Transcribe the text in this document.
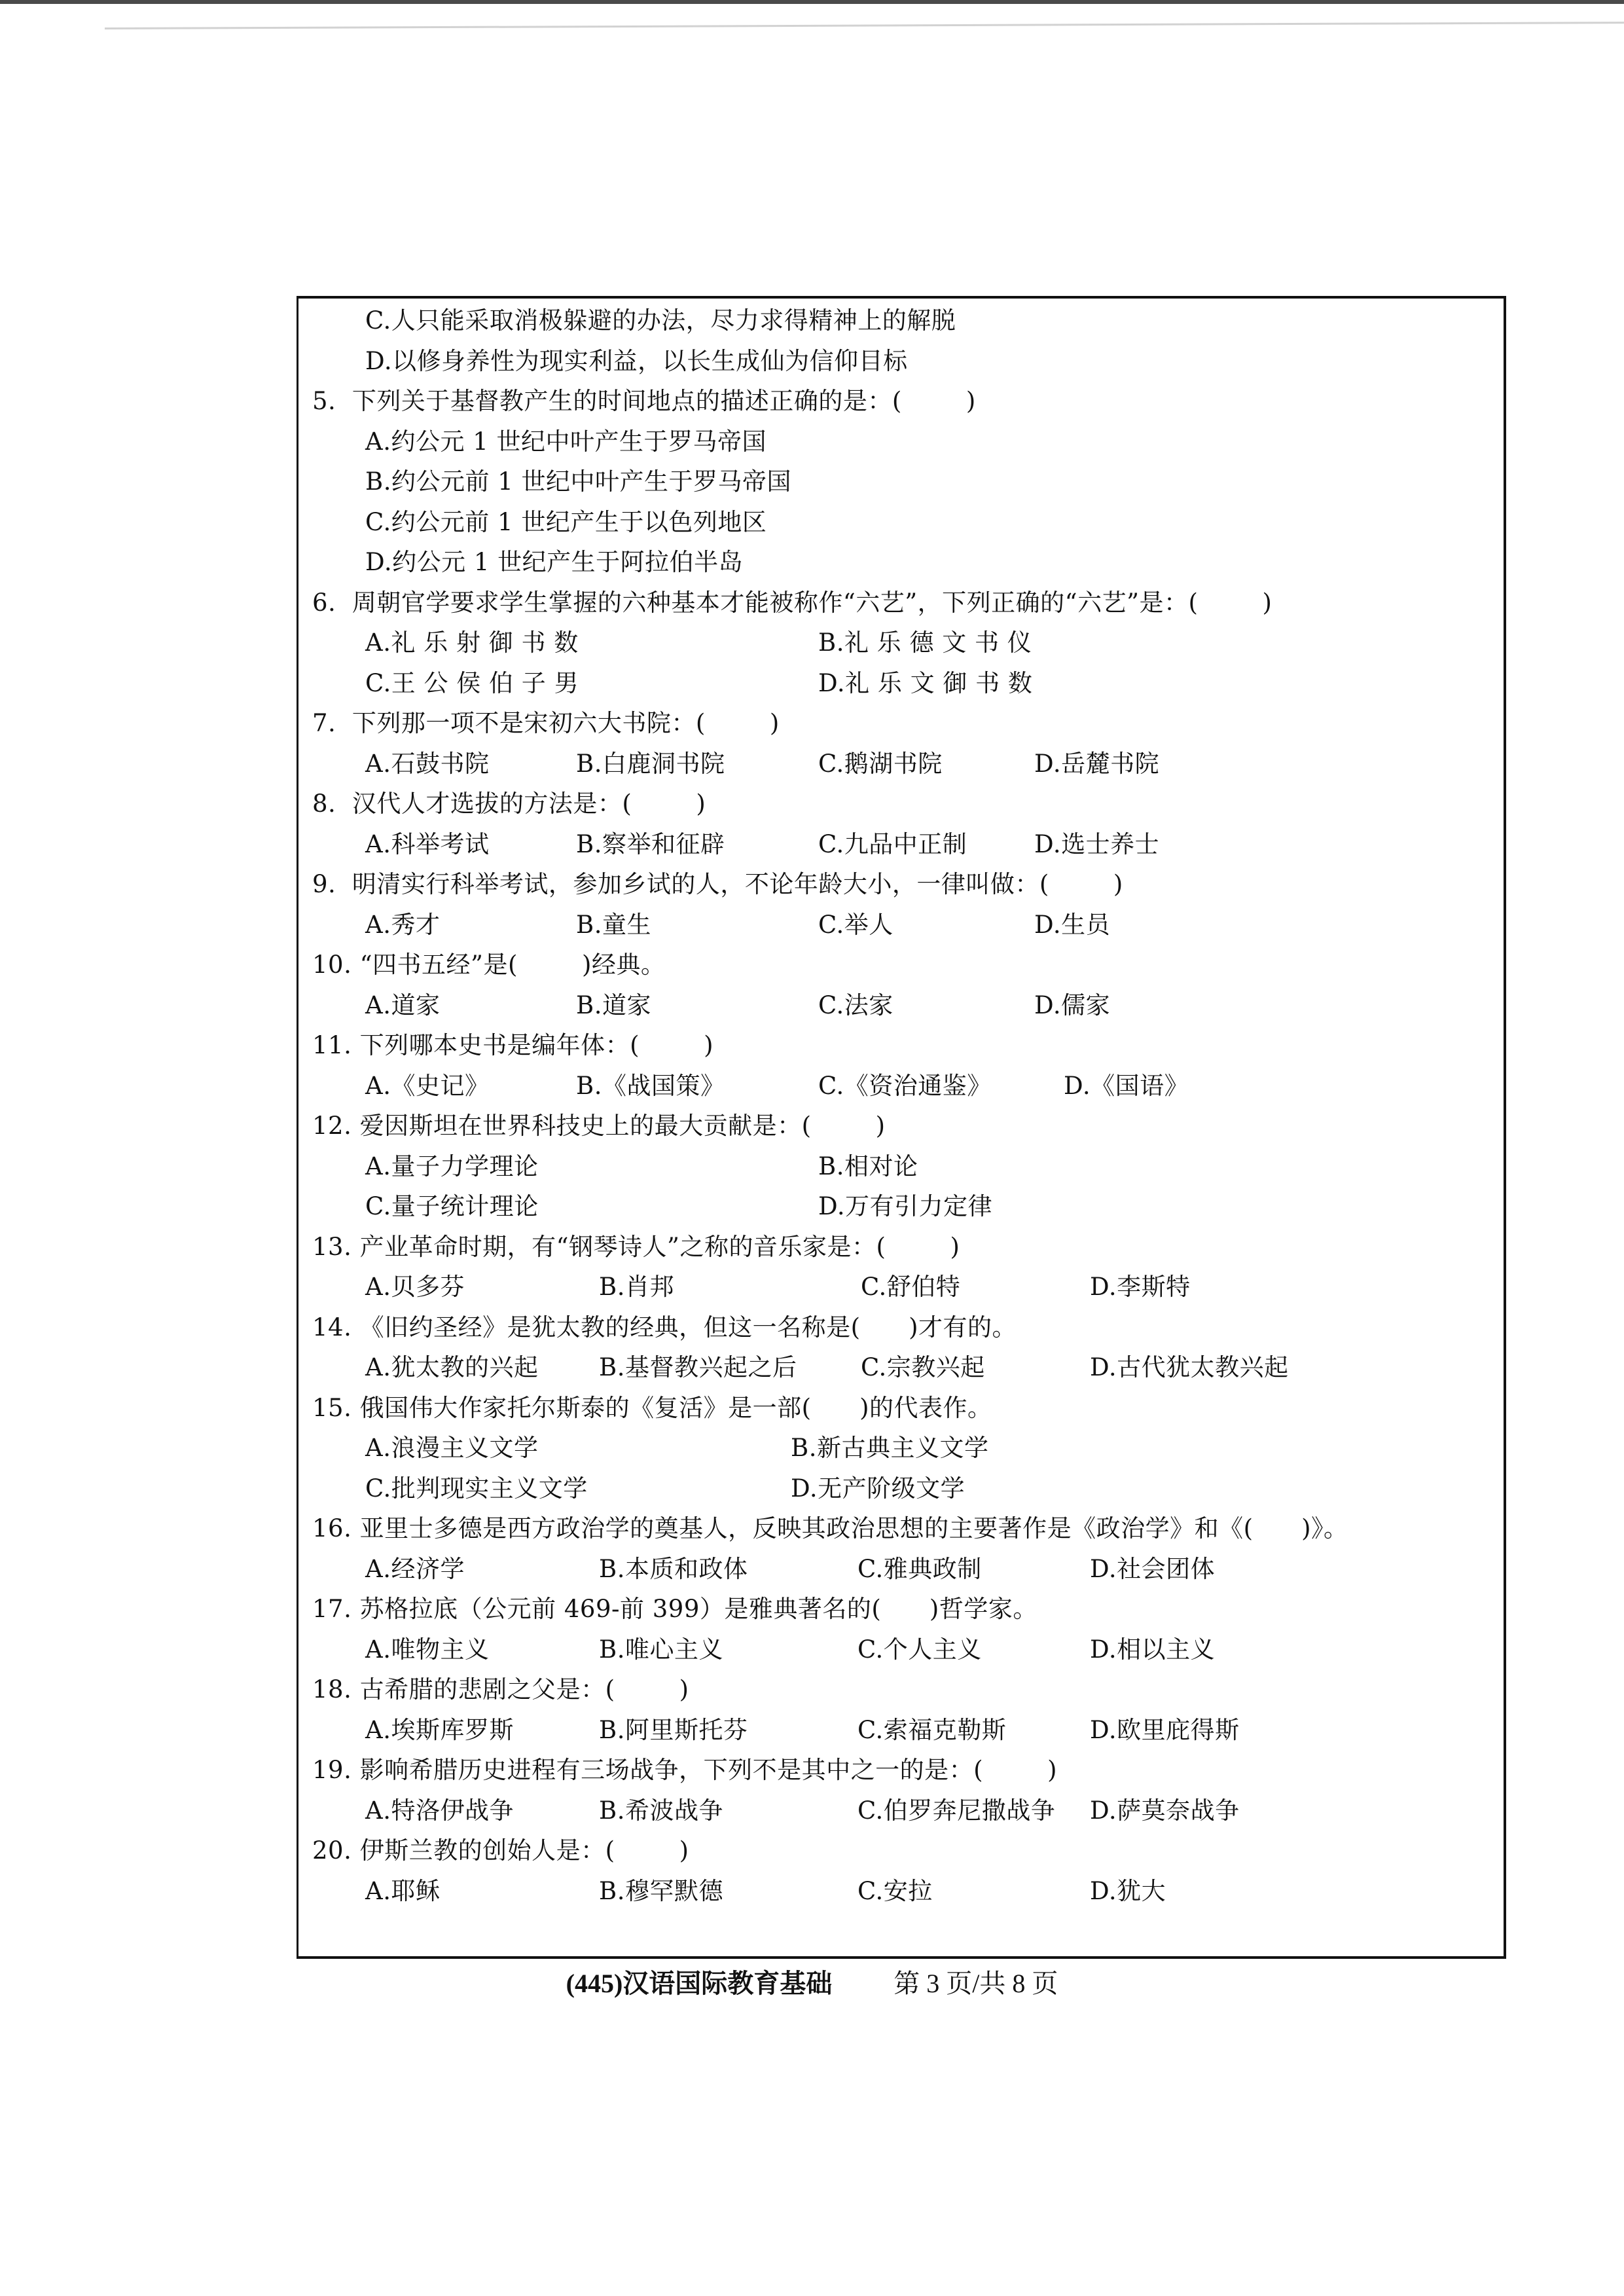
C.人只能采取消极躲避的办法，尽力求得精神上的解脱
D.以修身养性为现实利益，以长生成仙为信仰目标
5. 下列关于基督教产生的时间地点的描述正确的是：(        )
A.约公元 1 世纪中叶产生于罗马帝国
B.约公元前 1 世纪中叶产生于罗马帝国
C.约公元前 1 世纪产生于以色列地区
D.约公元 1 世纪产生于阿拉伯半岛
6. 周朝官学要求学生掌握的六种基本才能被称作“六艺”，下列正确的“六艺”是：(        )
A.礼 乐 射 御 书 数	B.礼 乐 德 文 书 仪
C.王 公 侯 伯 子 男	D.礼 乐 文 御 书 数
7. 下列那一项不是宋初六大书院：(        )
A.石鼓书院	B.白鹿洞书院	C.鹅湖书院	D.岳麓书院
8. 汉代人才选拔的方法是：(        )
A.科举考试	B.察举和征辟	C.九品中正制	D.选士养士
9. 明清实行科举考试，参加乡试的人，不论年龄大小，一律叫做：(        )
A.秀才	B.童生	C.举人	D.生员
10. “四书五经”是(        )经典。
A.道家	B.道家	C.法家	D.儒家
11. 下列哪本史书是编年体：(        )
A.《史记》	B.《战国策》	C.《资治通鉴》	D.《国语》
12. 爱因斯坦在世界科技史上的最大贡献是：(        )
A.量子力学理论	B.相对论
C.量子统计理论	D.万有引力定律
13. 产业革命时期，有“钢琴诗人”之称的音乐家是：(        )
A.贝多芬	B.肖邦	C.舒伯特	D.李斯特
14. 《旧约圣经》是犹太教的经典，但这一名称是(      )才有的。
A.犹太教的兴起	B.基督教兴起之后	C.宗教兴起	D.古代犹太教兴起
15. 俄国伟大作家托尔斯泰的《复活》是一部(      )的代表作。
A.浪漫主义文学	B.新古典主义文学
C.批判现实主义文学	D.无产阶级文学
16. 亚里士多德是西方政治学的奠基人，反映其政治思想的主要著作是《政治学》和《(      )》。
A.经济学	B.本质和政体	C.雅典政制	D.社会团体
17. 苏格拉底（公元前 469-前 399）是雅典著名的(      )哲学家。
A.唯物主义	B.唯心主义	C.个人主义	D.相以主义
18. 古希腊的悲剧之父是：(        )
A.埃斯库罗斯	B.阿里斯托芬	C.索福克勒斯	D.欧里庇得斯
19. 影响希腊历史进程有三场战争，下列不是其中之一的是：(        )
A.特洛伊战争	B.希波战争	C.伯罗奔尼撒战争 D.萨莫奈战争
20. 伊斯兰教的创始人是：(        )
A.耶稣	B.穆罕默德	C.安拉	D.犹大
(445)汉语国际教育基础 第 3 页/共 8 页
